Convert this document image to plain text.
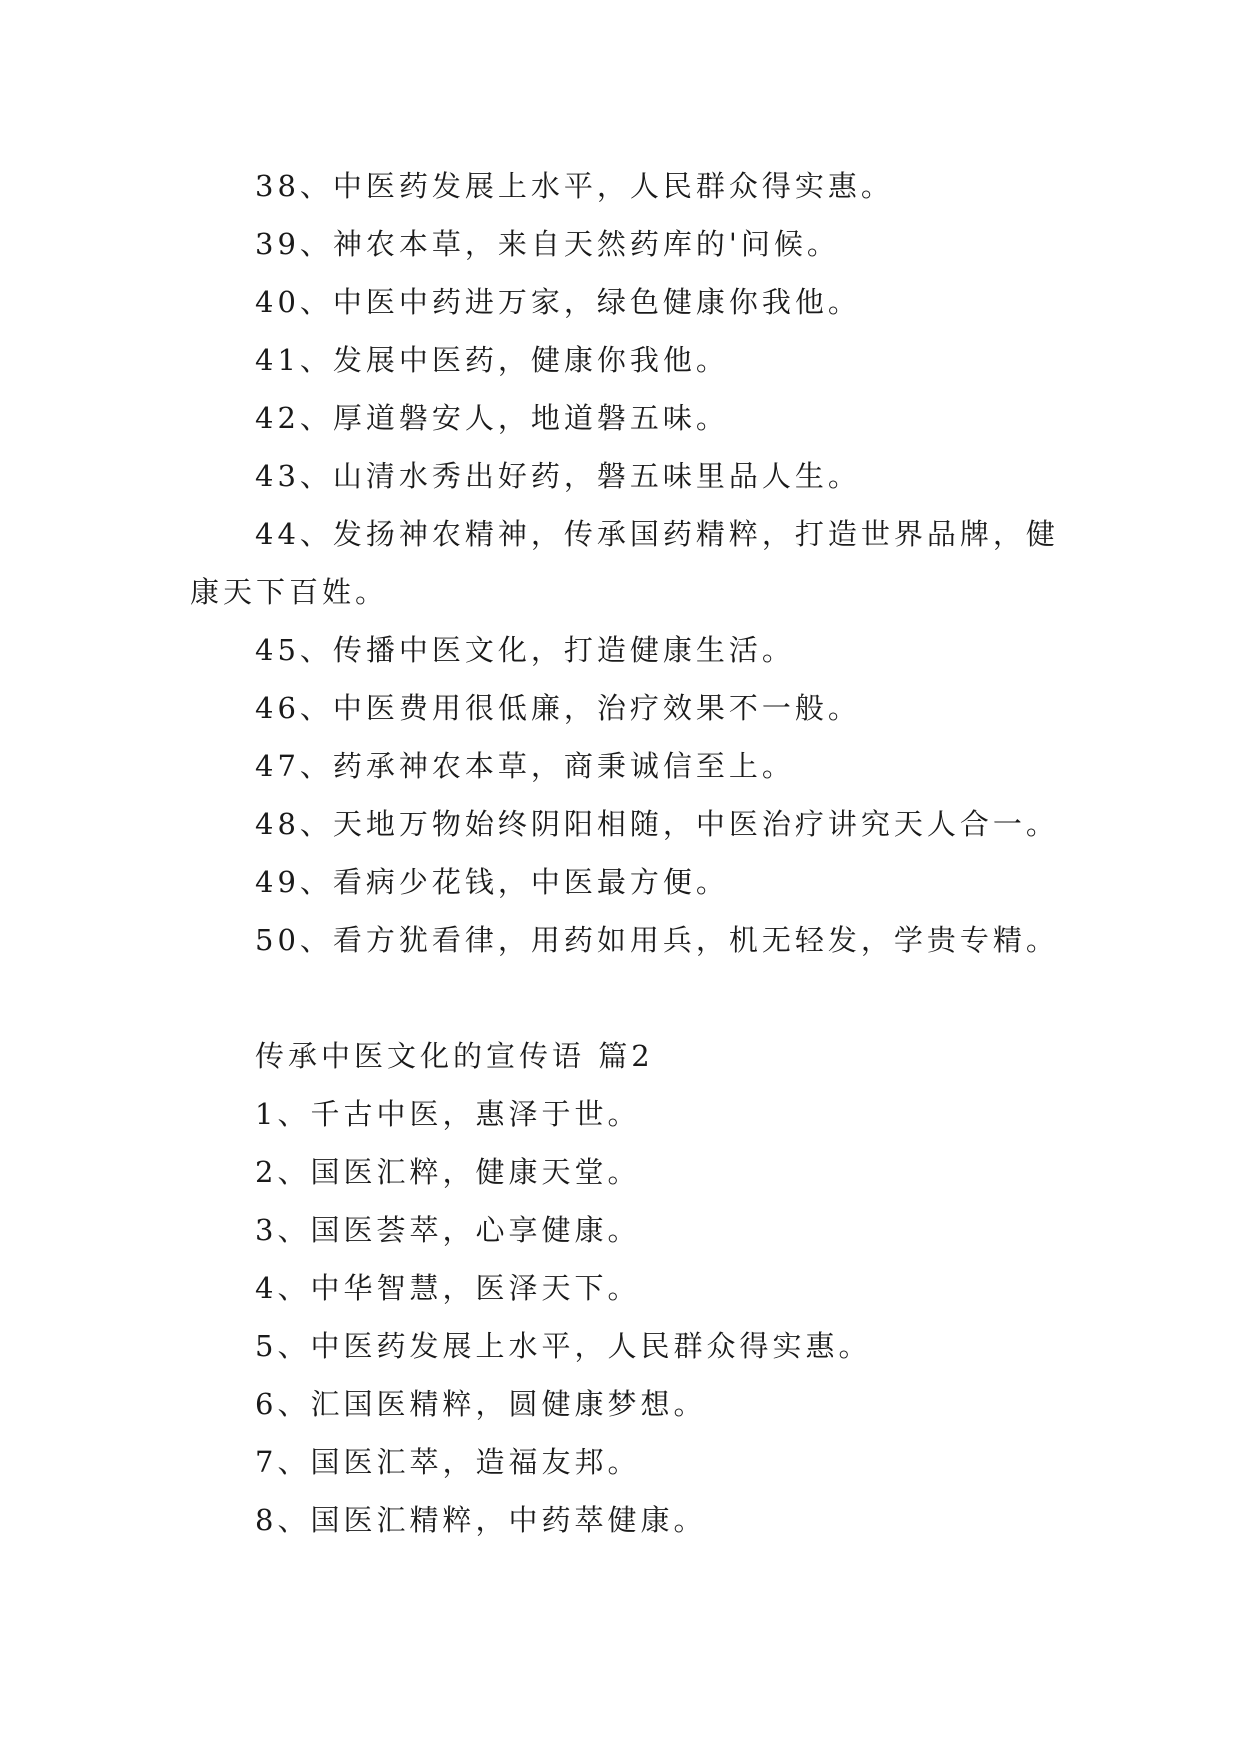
38、中医药发展上水平，人民群众得实惠。
39、神农本草，来自天然药库的'问候。
40、中医中药进万家，绿色健康你我他。
41、发展中医药，健康你我他。
42、厚道磐安人，地道磐五味。
43、山清水秀出好药，磐五味里品人生。
44、发扬神农精神，传承国药精粹，打造世界品牌，健
康天下百姓。
45、传播中医文化，打造健康生活。
46、中医费用很低廉，治疗效果不一般。
47、药承神农本草，商秉诚信至上。
48、天地万物始终阴阳相随，中医治疗讲究天人合一。
49、看病少花钱，中医最方便。
50、看方犹看律，用药如用兵，机无轻发，学贵专精。
传承中医文化的宣传语 篇2
1、千古中医，惠泽于世。
2、国医汇粹，健康天堂。
3、国医荟萃，心享健康。
4、中华智慧，医泽天下。
5、中医药发展上水平，人民群众得实惠。
6、汇国医精粹，圆健康梦想。
7、国医汇萃，造福友邦。
8、国医汇精粹，中药萃健康。
